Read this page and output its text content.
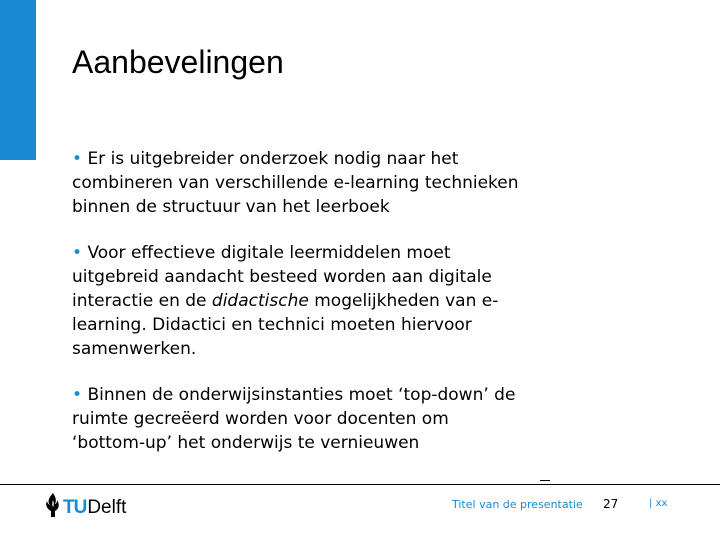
Aanbevelingen

• Er is uitgebreider onderzoek nodig naar het combineren van verschillende e-learning technieken binnen de structuur van het leerboek

• Voor effectieve digitale leermiddelen moet uitgebreid aandacht besteed worden aan digitale interactie en de didactische mogelijkheden van e-learning. Didactici en technici moeten hiervoor samenwerken.

• Binnen de onderwijsinstanties moet ‘top-down’ de ruimte gecreëerd worden voor docenten om ‘bottom-up’ het onderwijs te vernieuwen

TU Delft	Titel van de presentatie 27	| xx
